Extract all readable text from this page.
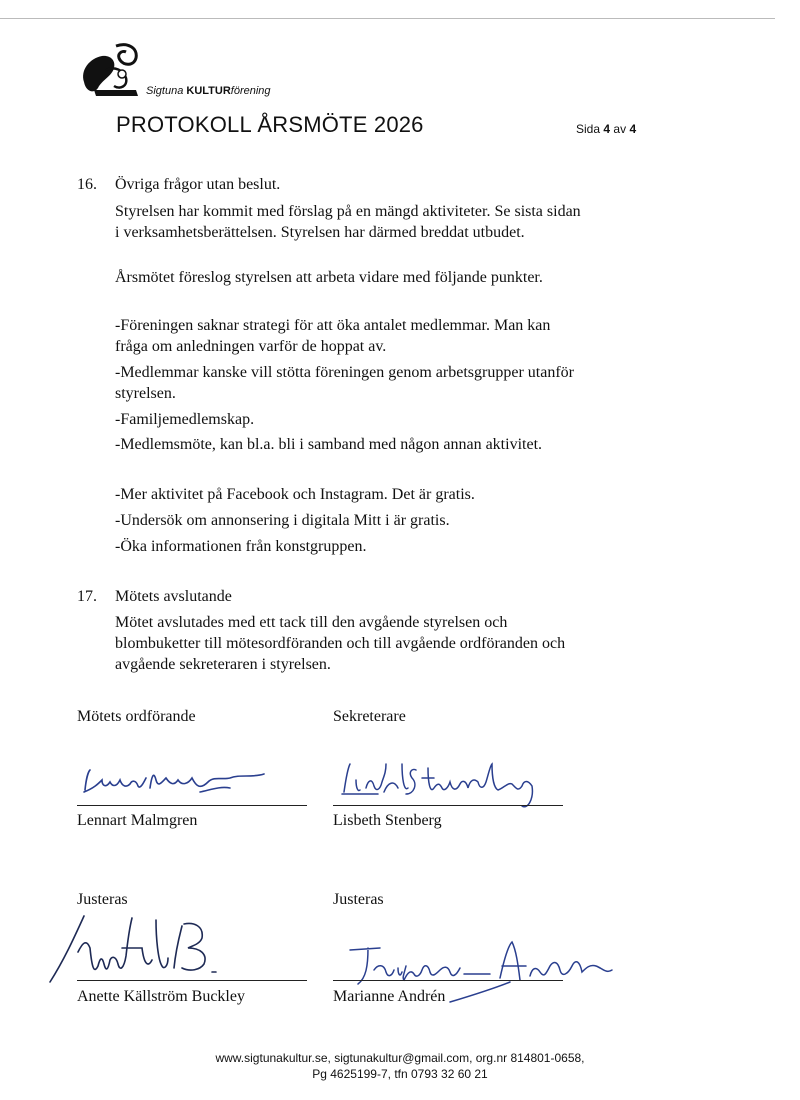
Sigtuna KULTURförening
PROTOKOLL ÅRSMÖTE 2026	Sida 4 av 4
16. Övriga frågor utan beslut.

Styrelsen har kommit med förslag på en mängd aktiviteter. Se sista sidan i verksamhetsberättelsen. Styrelsen har därmed breddat utbudet.

Årsmötet föreslog styrelsen att arbeta vidare med följande punkter.

-Föreningen saknar strategi för att öka antalet medlemmar. Man kan fråga om anledningen varför de hoppat av.

-Medlemmar kanske vill stötta föreningen genom arbetsgrupper utanför styrelsen.

-Familjemedlemskap.

-Medlemsmöte, kan bl.a. bli i samband med någon annan aktivitet.

-Mer aktivitet på Facebook och Instagram. Det är gratis.

-Undersök om annonsering i digitala Mitt i är gratis.

-Öka informationen från konstgruppen.

17. Mötets avslutande

Mötet avslutades med ett tack till den avgående styrelsen och blombuketter till mötesordföranden och till avgående ordföranden och avgående sekreteraren i styrelsen.

Mötets ordförande
Lennart Malmgren
Sekreterare
Lisbeth Stenberg
Justeras
Anette Källström Buckley
Justeras
Marianne Andrén
www.sigtunakultur.se, sigtunakultur@gmail.com, org.nr 814801-0658,
Pg 4625199-7, tfn 0793 32 60 21
